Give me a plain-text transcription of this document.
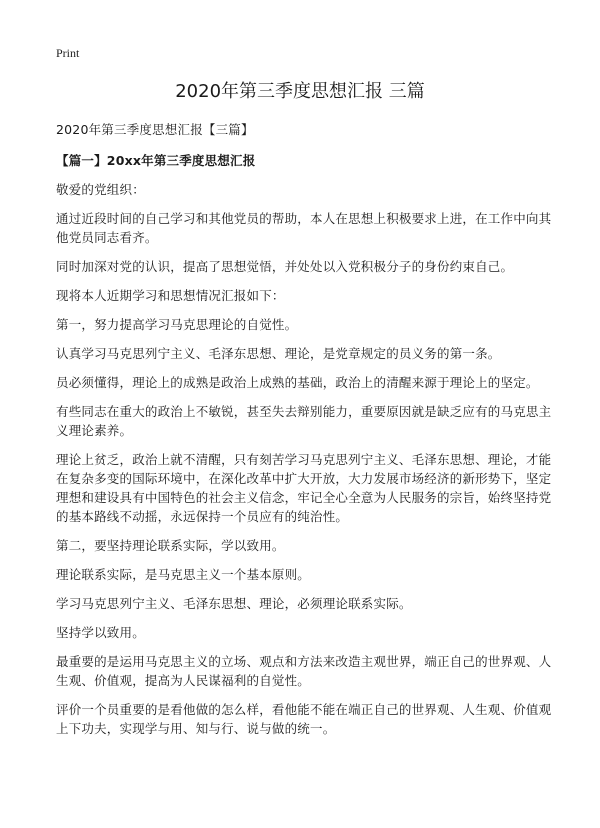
Print
2020年第三季度思想汇报 三篇

2020年第三季度思想汇报【三篇】

【篇一】20xx年第三季度思想汇报

敬爱的党组织：

通过近段时间的自己学习和其他党员的帮助，本人在思想上积极要求上进，在工作中向其他党员同志看齐。

同时加深对党的认识，提高了思想觉悟，并处处以入党积极分子的身份约束自己。

现将本人近期学习和思想情况汇报如下：

第一，努力提高学习马克思理论的自觉性。

认真学习马克思列宁主义、毛泽东思想、理论，是党章规定的员义务的第一条。

员必须懂得，理论上的成熟是政治上成熟的基础，政治上的清醒来源于理论上的坚定。

有些同志在重大的政治上不敏锐，甚至失去辩别能力，重要原因就是缺乏应有的马克思主义理论素养。

理论上贫乏，政治上就不清醒，只有刻苦学习马克思列宁主义、毛泽东思想、理论，才能在复杂多变的国际环境中，在深化改革中扩大开放，大力发展市场经济的新形势下，坚定理想和建设具有中国特色的社会主义信念，牢记全心全意为人民服务的宗旨，始终坚持党的基本路线不动摇，永远保持一个员应有的纯治性。

第二，要坚持理论联系实际，学以致用。

理论联系实际，是马克思主义一个基本原则。

学习马克思列宁主义、毛泽东思想、理论，必须理论联系实际。

坚持学以致用。

最重要的是运用马克思主义的立场、观点和方法来改造主观世界，端正自己的世界观、人生观、价值观，提高为人民谋福利的自觉性。

评价一个员重要的是看他做的怎么样，看他能不能在端正自己的世界观、人生观、价值观上下功夫，实现学与用、知与行、说与做的统一。
